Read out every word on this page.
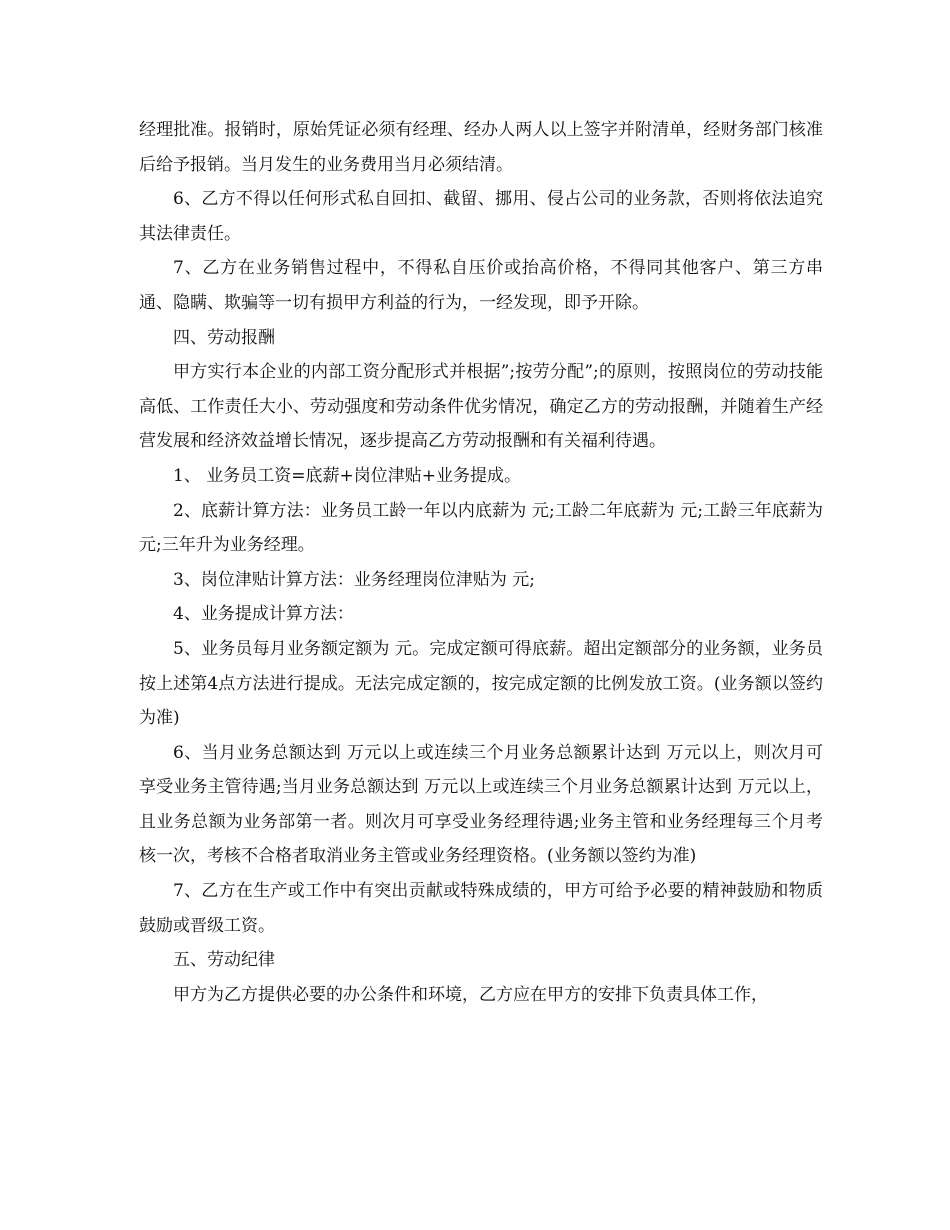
经理批准。报销时，原始凭证必须有经理、经办人两人以上签字并附清单，经财务部门核准后给予报销。当月发生的业务费用当月必须结清。

6、乙方不得以任何形式私自回扣、截留、挪用、侵占公司的业务款，否则将依法追究其法律责任。

7、乙方在业务销售过程中，不得私自压价或抬高价格，不得同其他客户、第三方串通、隐瞒、欺骗等一切有损甲方利益的行为，一经发现，即予开除。

四、劳动报酬

甲方实行本企业的内部工资分配形式并根据”;按劳分配”;的原则，按照岗位的劳动技能高低、工作责任大小、劳动强度和劳动条件优劣情况，确定乙方的劳动报酬，并随着生产经营发展和经济效益增长情况，逐步提高乙方劳动报酬和有关福利待遇。

1、 业务员工资=底薪+岗位津贴+业务提成。

2、底薪计算方法：业务员工龄一年以内底薪为 元;工龄二年底薪为 元;工龄三年底薪为 元;三年升为业务经理。

3、岗位津贴计算方法：业务经理岗位津贴为 元;

4、业务提成计算方法：

5、业务员每月业务额定额为 元。完成定额可得底薪。超出定额部分的业务额，业务员按上述第4点方法进行提成。无法完成定额的，按完成定额的比例发放工资。(业务额以签约为准)

6、当月业务总额达到 万元以上或连续三个月业务总额累计达到 万元以上，则次月可享受业务主管待遇;当月业务总额达到 万元以上或连续三个月业务总额累计达到 万元以上，且业务总额为业务部第一者。则次月可享受业务经理待遇;业务主管和业务经理每三个月考核一次，考核不合格者取消业务主管或业务经理资格。(业务额以签约为准)

7、乙方在生产或工作中有突出贡献或特殊成绩的，甲方可给予必要的精神鼓励和物质鼓励或晋级工资。

五、劳动纪律

甲方为乙方提供必要的办公条件和环境，乙方应在甲方的安排下负责具体工作，
